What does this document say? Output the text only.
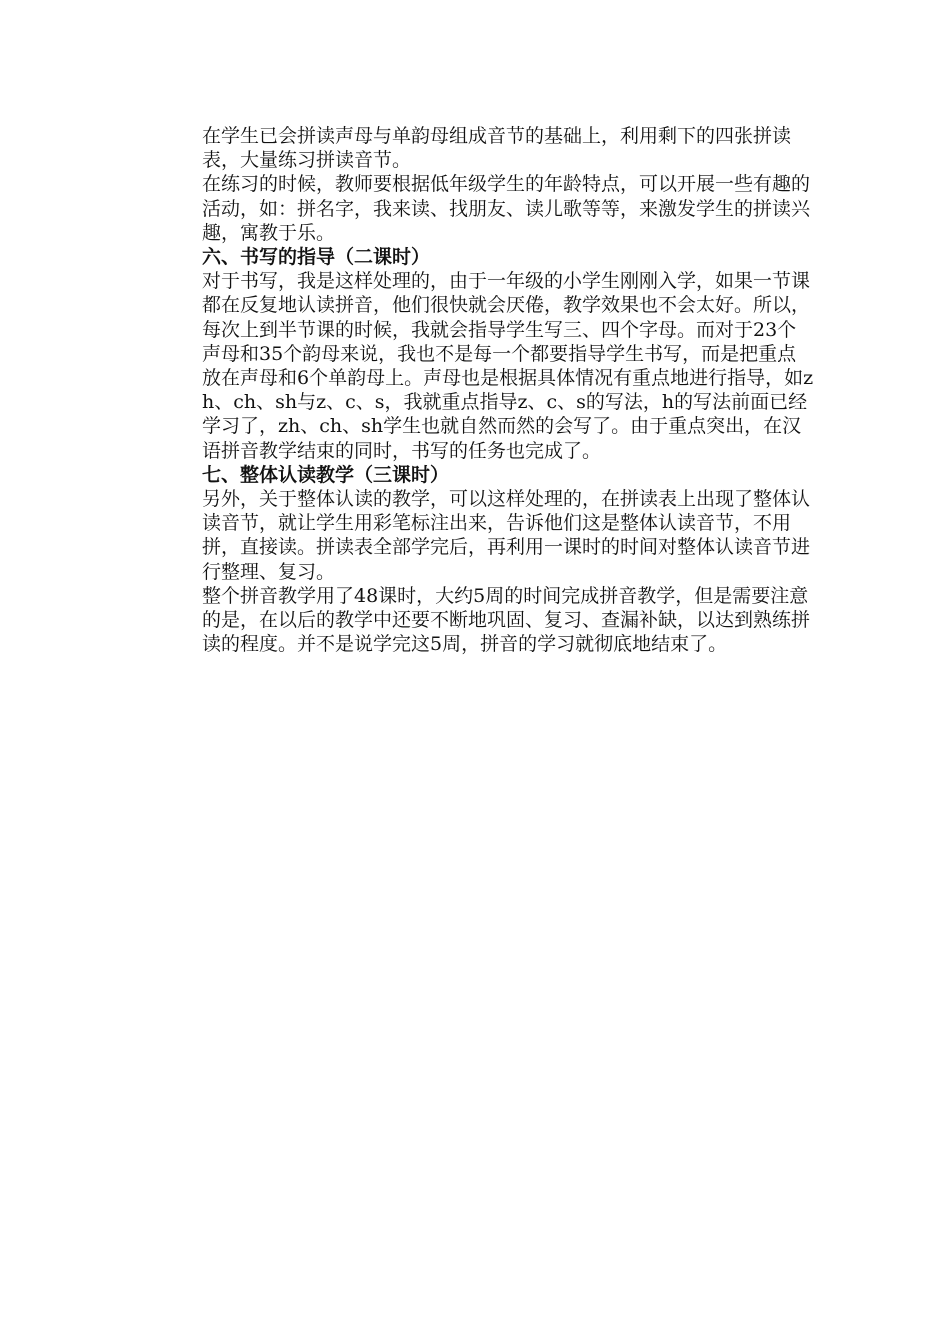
在学生已会拼读声母与单韵母组成音节的基础上，利用剩下的四张拼读表，大量练习拼读音节。

在练习的时候，教师要根据低年级学生的年龄特点，可以开展一些有趣的活动，如：拼名字，我来读、找朋友、读儿歌等等，来激发学生的拼读兴趣，寓教于乐。

六、书写的指导（二课时）

对于书写，我是这样处理的，由于一年级的小学生刚刚入学，如果一节课都在反复地认读拼音，他们很快就会厌倦，教学效果也不会太好。所以，每次上到半节课的时候，我就会指导学生写三、四个字母。而对于23个声母和35个韵母来说，我也不是每一个都要指导学生书写，而是把重点放在声母和6个单韵母上。声母也是根据具体情况有重点地进行指导，如zh、ch、sh与z、c、s，我就重点指导z、c、s的写法，h的写法前面已经学习了，zh、ch、sh学生也就自然而然的会写了。由于重点突出，在汉语拼音教学结束的同时，书写的任务也完成了。

七、整体认读教学（三课时）

另外，关于整体认读的教学，可以这样处理的，在拼读表上出现了整体认读音节，就让学生用彩笔标注出来，告诉他们这是整体认读音节，不用拼，直接读。拼读表全部学完后，再利用一课时的时间对整体认读音节进行整理、复习。

整个拼音教学用了48课时，大约5周的时间完成拼音教学，但是需要注意的是，在以后的教学中还要不断地巩固、复习、查漏补缺，以达到熟练拼读的程度。并不是说学完这5周，拼音的学习就彻底地结束了。
